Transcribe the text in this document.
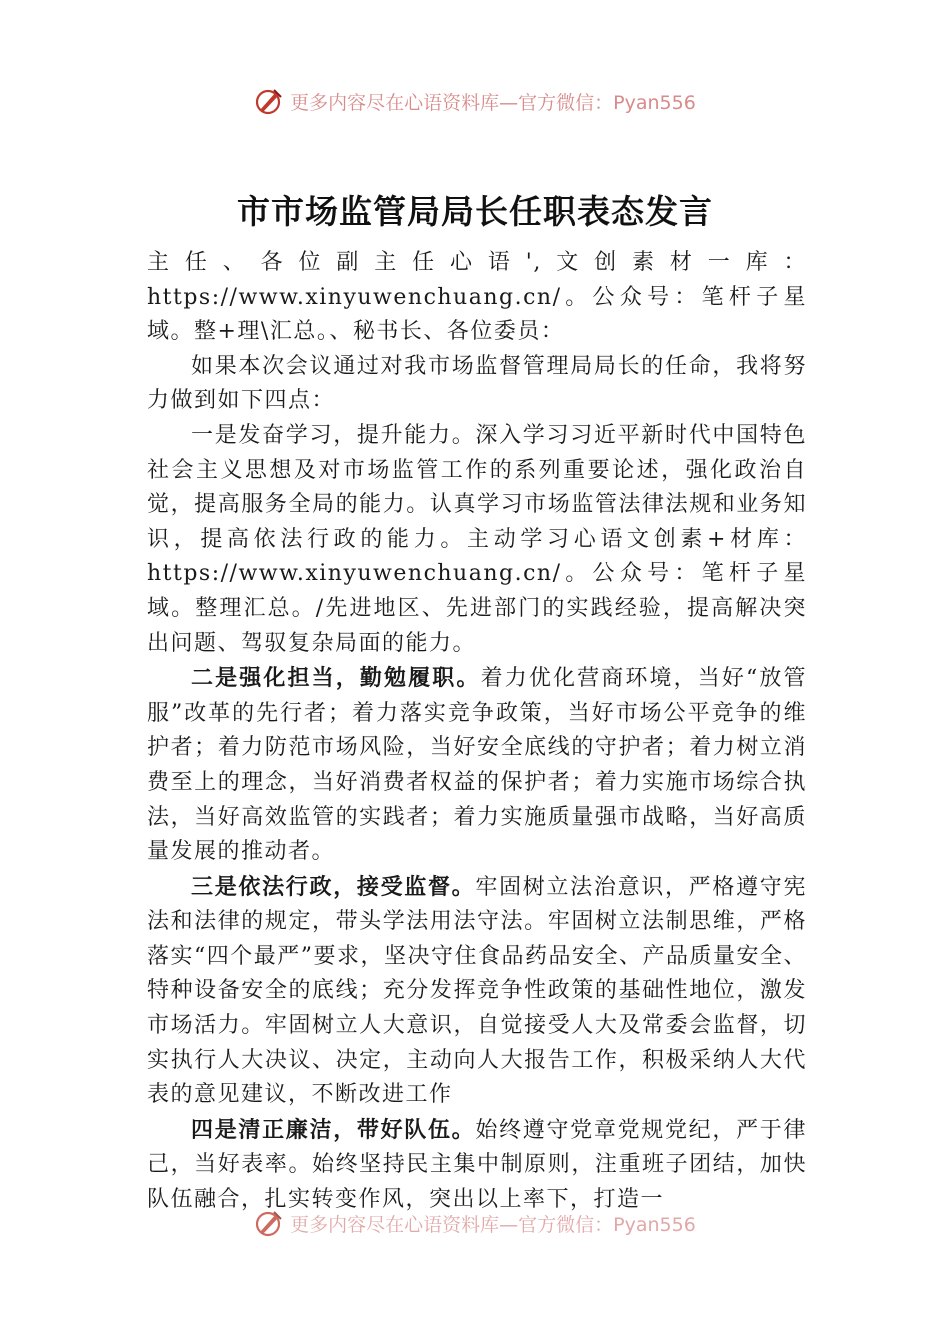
更多内容尽在心语资料库—官方微信：Pyan556
市市场监管局局长任职表态发言

主任、各位副主任心语',文创素材一库：https://www.xinyuwenchuang.cn/。公众号：笔杆子星域。整+理\汇总。、秘书长、各位委员：

如果本次会议通过对我市场监督管理局局长的任命，我将努力做到如下四点：

一是发奋学习，提升能力。深入学习习近平新时代中国特色社会主义思想及对市场监管工作的系列重要论述，强化政治自觉，提高服务全局的能力。认真学习市场监管法律法规和业务知识，提高依法行政的能力。主动学习心语文创素+材库：https://www.xinyuwenchuang.cn/。公众号：笔杆子星域。整理汇总。/先进地区、先进部门的实践经验，提高解决突出问题、驾驭复杂局面的能力。

二是强化担当，勤勉履职。着力优化营商环境，当好“放管服”改革的先行者；着力落实竞争政策，当好市场公平竞争的维护者；着力防范市场风险，当好安全底线的守护者；着力树立消费至上的理念，当好消费者权益的保护者；着力实施市场综合执法，当好高效监管的实践者；着力实施质量强市战略，当好高质量发展的推动者。

三是依法行政，接受监督。牢固树立法治意识，严格遵守宪法和法律的规定，带头学法用法守法。牢固树立法制思维，严格落实“四个最严”要求，坚决守住食品药品安全、产品质量安全、特种设备安全的底线；充分发挥竞争性政策的基础性地位，激发市场活力。牢固树立人大意识，自觉接受人大及常委会监督，切实执行人大决议、决定，主动向人大报告工作，积极采纳人大代表的意见建议，不断改进工作

四是清正廉洁，带好队伍。始终遵守党章党规党纪，严于律己，当好表率。始终坚持民主集中制原则，注重班子团结，加快队伍融合，扎实转变作风，突出以上率下，打造一

更多内容尽在心语资料库—官方微信：Pyan556
